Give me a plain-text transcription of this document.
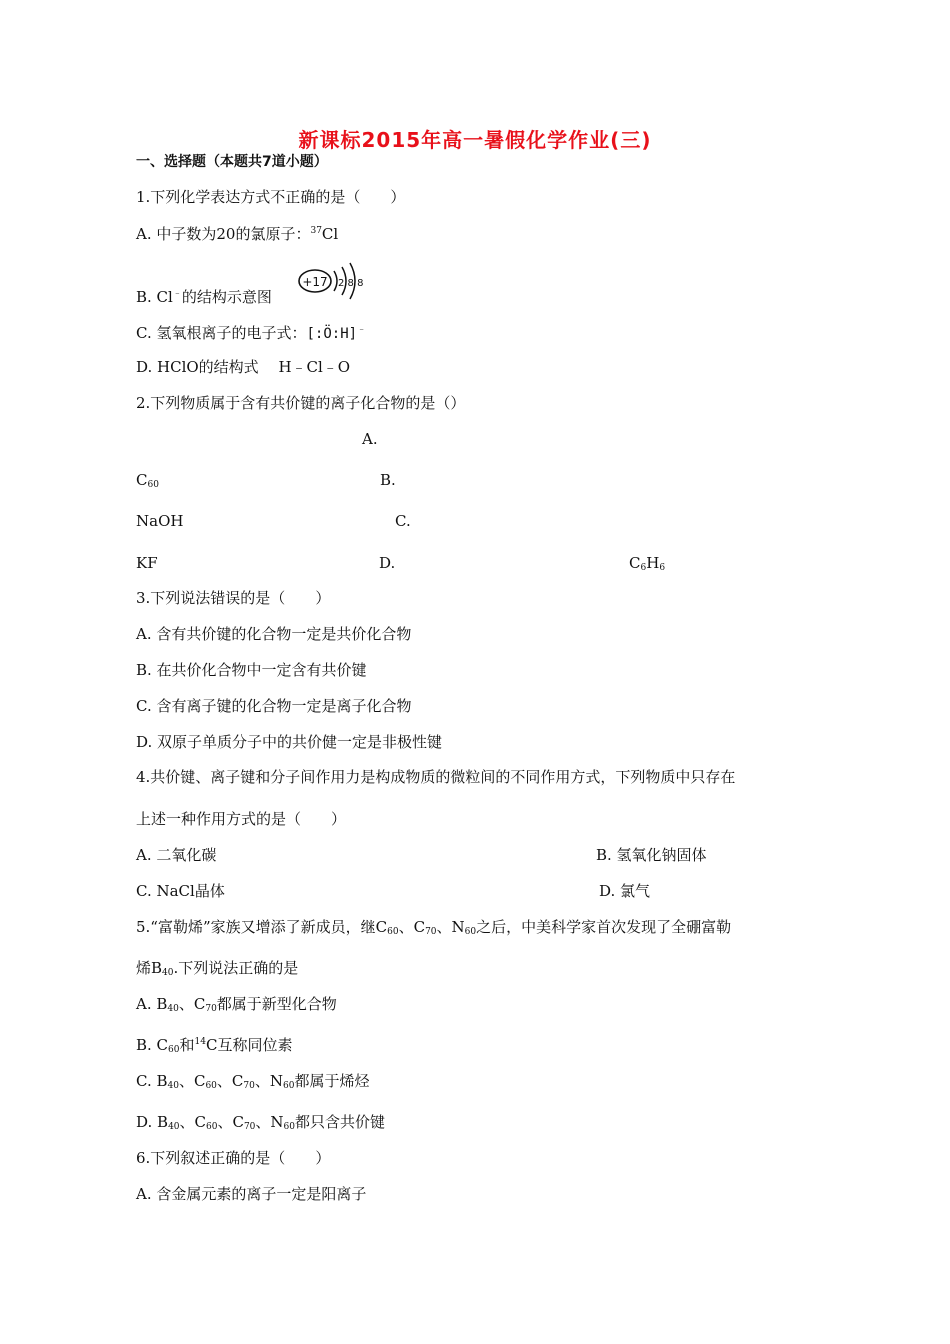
新课标2015年高一暑假化学作业(三)
一、选择题（本题共7道小题）
1.下列化学表达方式不正确的是（　　）
A. 中子数为20的氯原子：$^{37}$Cl
B. Cl﹣的结构示意图
+17 2 8 8
C. 氢氧根离子的电子式：[:Ö:H]﹣
D. HClO的结构式　 H﹣Cl﹣O
2.下列物质属于含有共价键的离子化合物的是（）
A.
$C_{60}$	B.
NaOH	C.
KF	D.	$C_6H_6$
3.下列说法错误的是（　　）
A. 含有共价键的化合物一定是共价化合物
B. 在共价化合物中一定含有共价键
C. 含有离子键的化合物一定是离子化合物
D. 双原子单质分子中的共价健一定是非极性键
4.共价键、离子键和分子间作用力是构成物质的微粒间的不同作用方式，下列物质中只存在
上述一种作用方式的是（　　）
A. 二氧化碳	B. 氢氧化钠固体
C. NaCl晶体	D. 氯气
5.“富勒烯”家族又增添了新成员，继$C_{60}$、$C_{70}$、$N_{60}$之后，中美科学家首次发现了全硼富勒
烯$B_{40}$.下列说法正确的是
A. $B_{40}$、$C_{70}$都属于新型化合物
B. $C_{60}$和$^{14}$C互称同位素
C. $B_{40}$、$C_{60}$、$C_{70}$、$N_{60}$都属于烯烃
D. $B_{40}$、$C_{60}$、$C_{70}$、$N_{60}$都只含共价键
6.下列叙述正确的是（　　）
A. 含金属元素的离子一定是阳离子
